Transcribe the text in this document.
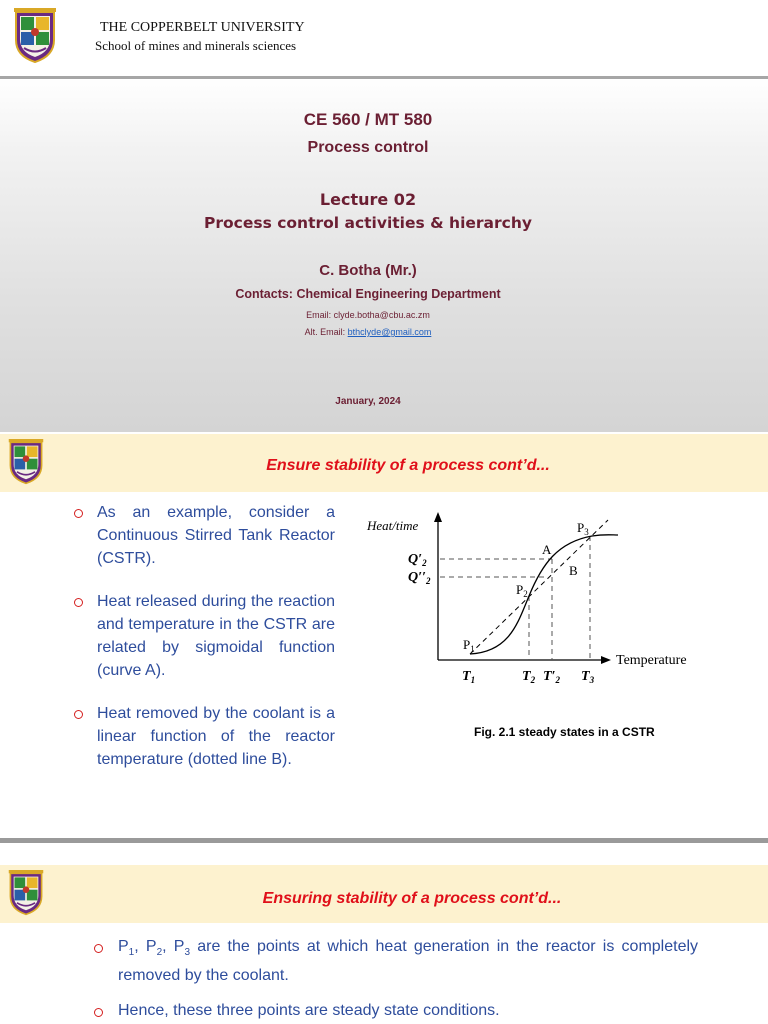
THE COPPERBELT UNIVERSITY
School of mines and minerals sciences
CE 560 / MT 580
Process control
Lecture 02
Process control activities & hierarchy
C. Botha (Mr.)
Contacts: Chemical Engineering Department
Email: clyde.botha@cbu.ac.zm
Alt. Email: bthclyde@gmail.com
January, 2024
Ensure stability of a process cont’d...
As an example, consider a Continuous Stirred Tank Reactor (CSTR).
Heat released during the reaction and temperature in the CSTR are related by sigmoidal function (curve A).
Heat removed by the coolant is a linear function of the reactor temperature (dotted line B).
Heat/time
Temperature
$Q'_2$
$Q''_2$
$T_1$	$T_2$ $T'_2$ $T_3$
$P_1$
$P_2$
$P_3$
A
B
Fig. 2.1 steady states in a CSTR
Ensuring stability of a process cont’d...
$P_1$, $P_2$, $P_3$ are the points at which heat generation in the reactor is completely removed by the coolant.
Hence, these three points are steady state conditions.
